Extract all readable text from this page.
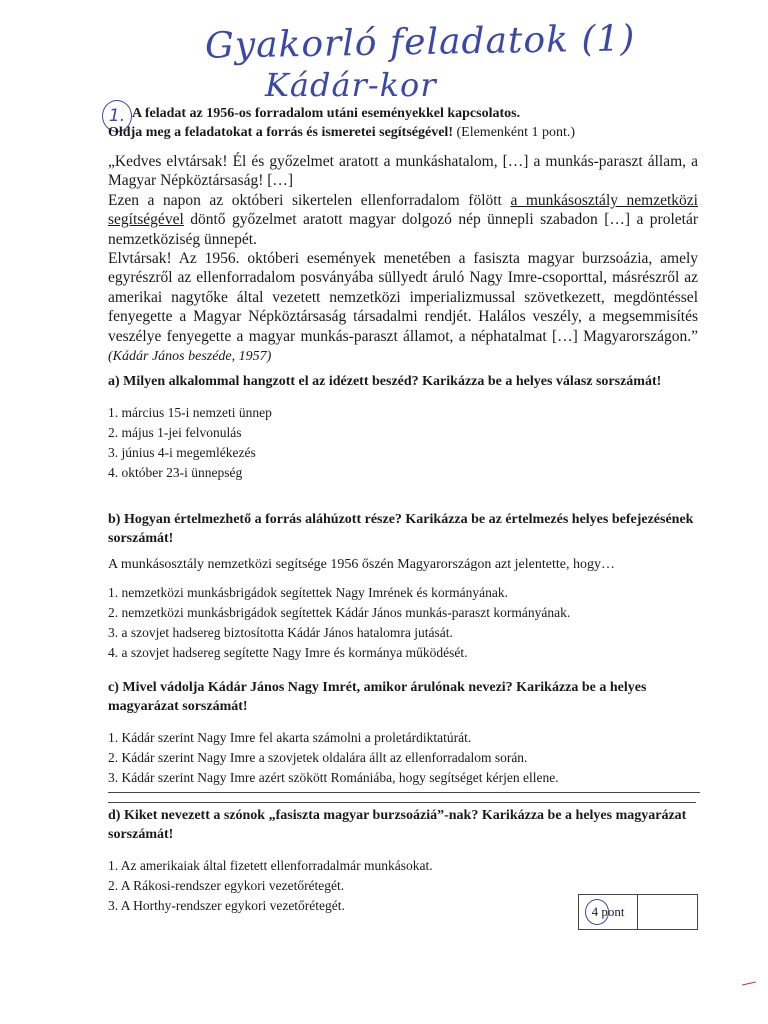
Gyakorló feladatok (1)
Kádár-kor
1. A feladat az 1956-os forradalom utáni eseményekkel kapcsolatos.
Oldja meg a feladatokat a forrás és ismeretei segítségével! (Elemenként 1 pont.)
„Kedves elvtársak! Él és győzelmet aratott a munkáshatalom, […] a munkás-paraszt állam, a Magyar Népköztársaság! […]
Ezen a napon az októberi sikertelen ellenforradalom fölött a munkásosztály nemzetközi segítségével döntő győzelmet aratott magyar dolgozó nép ünnepli szabadon […] a proletár nemzetköziség ünnepét.
Elvtársak! Az 1956. októberi események menetében a fasiszta magyar burzsoázia, amely egyrészről az ellenforradalom posványába süllyedt áruló Nagy Imre-csoporttal, másrészről az amerikai nagytőke által vezetett nemzetközi imperializmussal szövetkezett, megdöntéssel fenyegette a Magyar Népköztársaság társadalmi rendjét. Halálos veszély, a megsemmisítés veszélye fenyegette a magyar munkás-paraszt államot, a néphatalmat […] Magyarországon.” (Kádár János beszéde, 1957)
a) Milyen alkalommal hangzott el az idézett beszéd? Karikázza be a helyes válasz sorszámát!
1. március 15-i nemzeti ünnep
2. május 1-jei felvonulás
3. június 4-i megemlékezés
4. október 23-i ünnepség
b) Hogyan értelmezhető a forrás aláhúzott része? Karikázza be az értelmezés helyes befejezésének sorszámát!
A munkásosztály nemzetközi segítsége 1956 őszén Magyarországon azt jelentette, hogy…
1. nemzetközi munkásbrigádok segítettek Nagy Imrének és kormányának.
2. nemzetközi munkásbrigádok segítettek Kádár János munkás-paraszt kormányának.
3. a szovjet hadsereg biztosította Kádár János hatalomra jutását.
4. a szovjet hadsereg segítette Nagy Imre és kormánya működését.
c) Mivel vádolja Kádár János Nagy Imrét, amikor árulónak nevezi? Karikázza be a helyes magyarázat sorszámát!
1. Kádár szerint Nagy Imre fel akarta számolni a proletárdiktatúrát.
2. Kádár szerint Nagy Imre a szovjetek oldalára állt az ellenforradalom során.
3. Kádár szerint Nagy Imre azért szökött Romániába, hogy segítséget kérjen ellene.
d) Kiket nevezett a szónok „fasiszta magyar burzsoáziá”-nak? Karikázza be a helyes magyarázat sorszámát!
1. Az amerikaiak által fizetett ellenforradalmár munkásokat.
2. A Rákosi-rendszer egykori vezetőrétegét.
3. A Horthy-rendszer egykori vezetőrétegét.	4 pont
